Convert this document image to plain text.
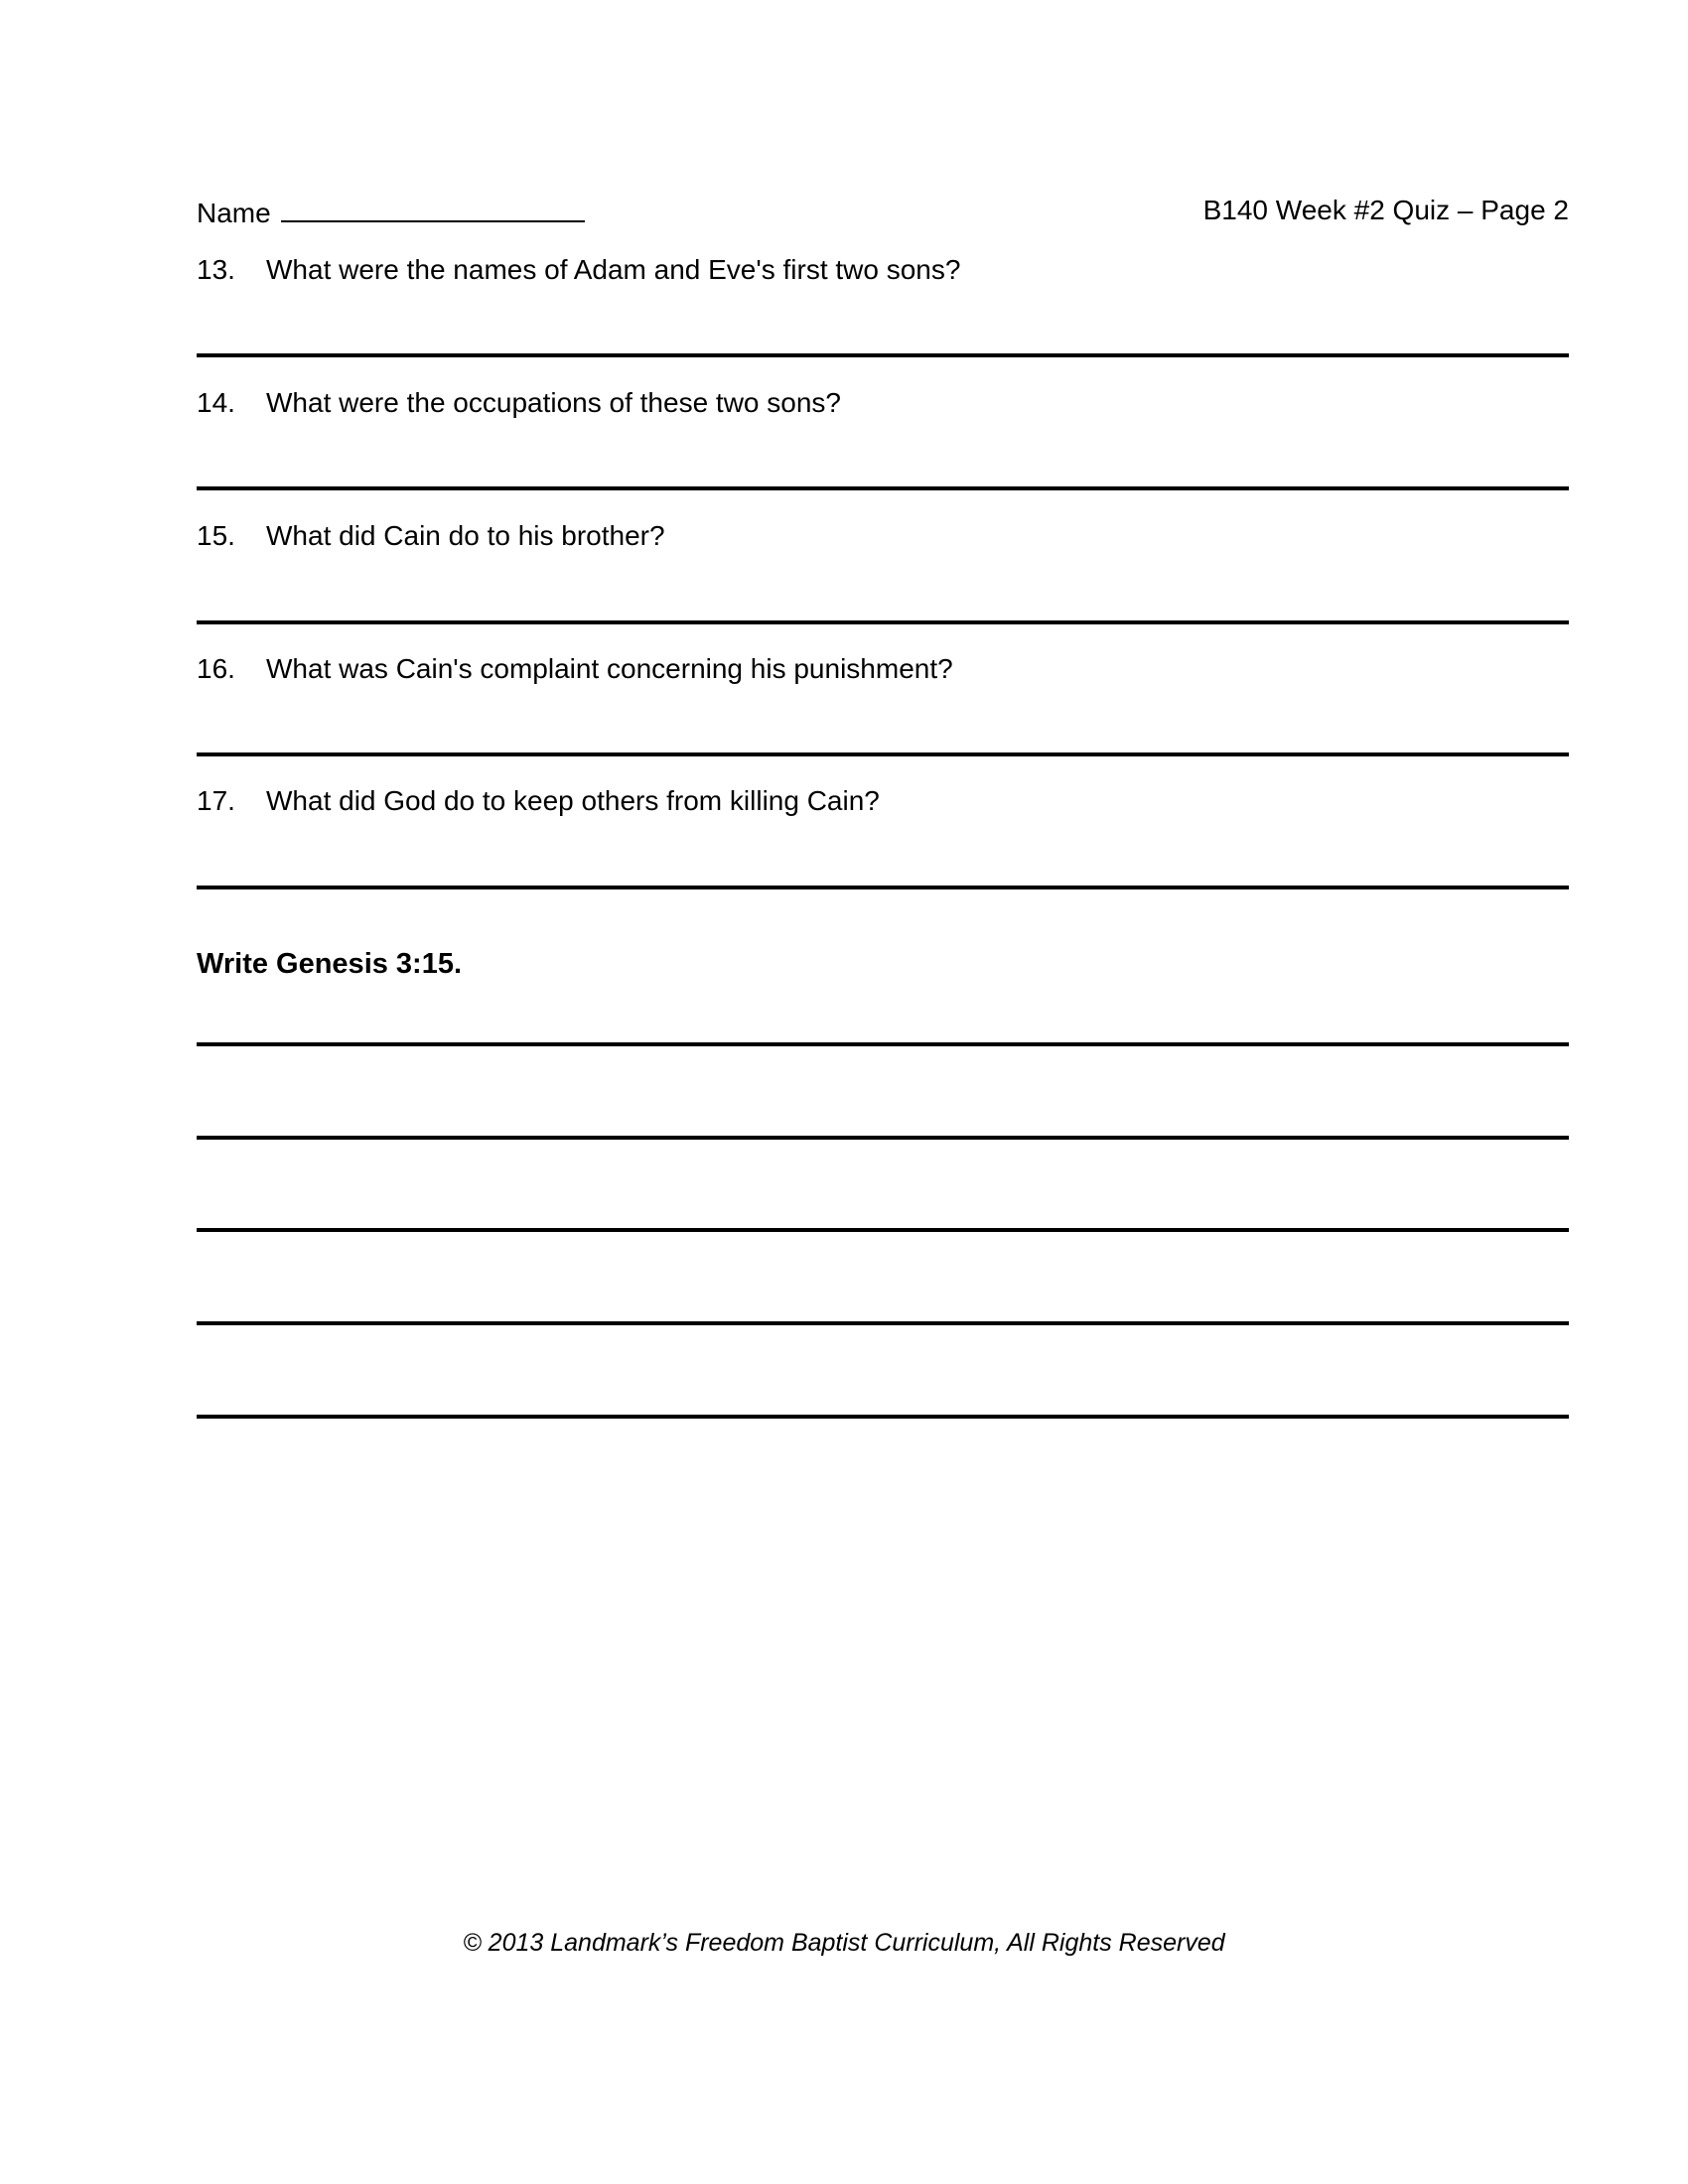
Name	B140 Week #2 Quiz – Page 2
13. What were the names of Adam and Eve's first two sons?
14. What were the occupations of these two sons?
15. What did Cain do to his brother?
16. What was Cain's complaint concerning his punishment?
17. What did God do to keep others from killing Cain?
Write Genesis 3:15.
© 2013 Landmark’s Freedom Baptist Curriculum, All Rights Reserved
